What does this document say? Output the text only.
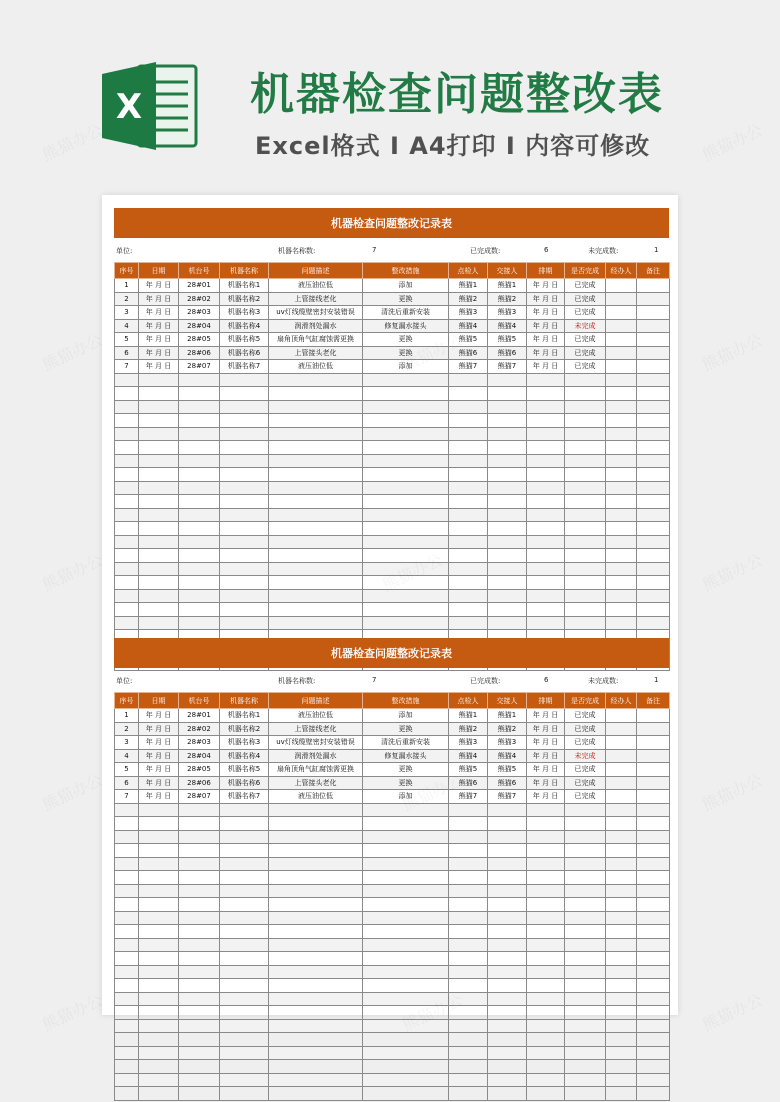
X 机器检查问题整改表
Excel格式 I A4打印 I 内容可修改
机器检查问题整改记录表
单位:	机器名称数:	7	已完成数:	6	未完成数:	1
序号	日期	机台号	机器名称	问题描述	整改措施	点检人	交接人	排期	是否完成	经办人	备注
1	年 月 日	28#01	机器名称1	液压油位低	添加	熊猫1	熊猫1	年 月 日	已完成		
2	年 月 日	28#02	机器名称2	上管接线老化	更换	熊猫2	熊猫2	年 月 日	已完成		
3	年 月 日	28#03	机器名称3	uv灯线缆壁密封安装错误	清洗后重新安装	熊猫3	熊猫3	年 月 日	已完成		
4	年 月 日	28#04	机器名称4	润滑剂处漏水	修复漏水接头	熊猫4	熊猫4	年 月 日	未完成		
5	年 月 日	28#05	机器名称5	扇角顶角气缸腐蚀需更换	更换	熊猫5	熊猫5	年 月 日	已完成		
6	年 月 日	28#06	机器名称6	上管接头老化	更换	熊猫6	熊猫6	年 月 日	已完成		
7	年 月 日	28#07	机器名称7	液压油位低	添加	熊猫7	熊猫7	年 月 日	已完成		

机器检查问题整改记录表
单位:	机器名称数:	7	已完成数:	6	未完成数:	1
序号	日期	机台号	机器名称	问题描述	整改措施	点检人	交接人	排期	是否完成	经办人	备注
1	年 月 日	28#01	机器名称1	液压油位低	添加	熊猫1	熊猫1	年 月 日	已完成		
2	年 月 日	28#02	机器名称2	上管接线老化	更换	熊猫2	熊猫2	年 月 日	已完成		
3	年 月 日	28#03	机器名称3	uv灯线缆壁密封安装错误	清洗后重新安装	熊猫3	熊猫3	年 月 日	已完成		
4	年 月 日	28#04	机器名称4	润滑剂处漏水	修复漏水接头	熊猫4	熊猫4	年 月 日	未完成		
5	年 月 日	28#05	机器名称5	扇角顶角气缸腐蚀需更换	更换	熊猫5	熊猫5	年 月 日	已完成		
6	年 月 日	28#06	机器名称6	上管接头老化	更换	熊猫6	熊猫6	年 月 日	已完成		
7	年 月 日	28#07	机器名称7	液压油位低	添加	熊猫7	熊猫7	年 月 日	已完成		
